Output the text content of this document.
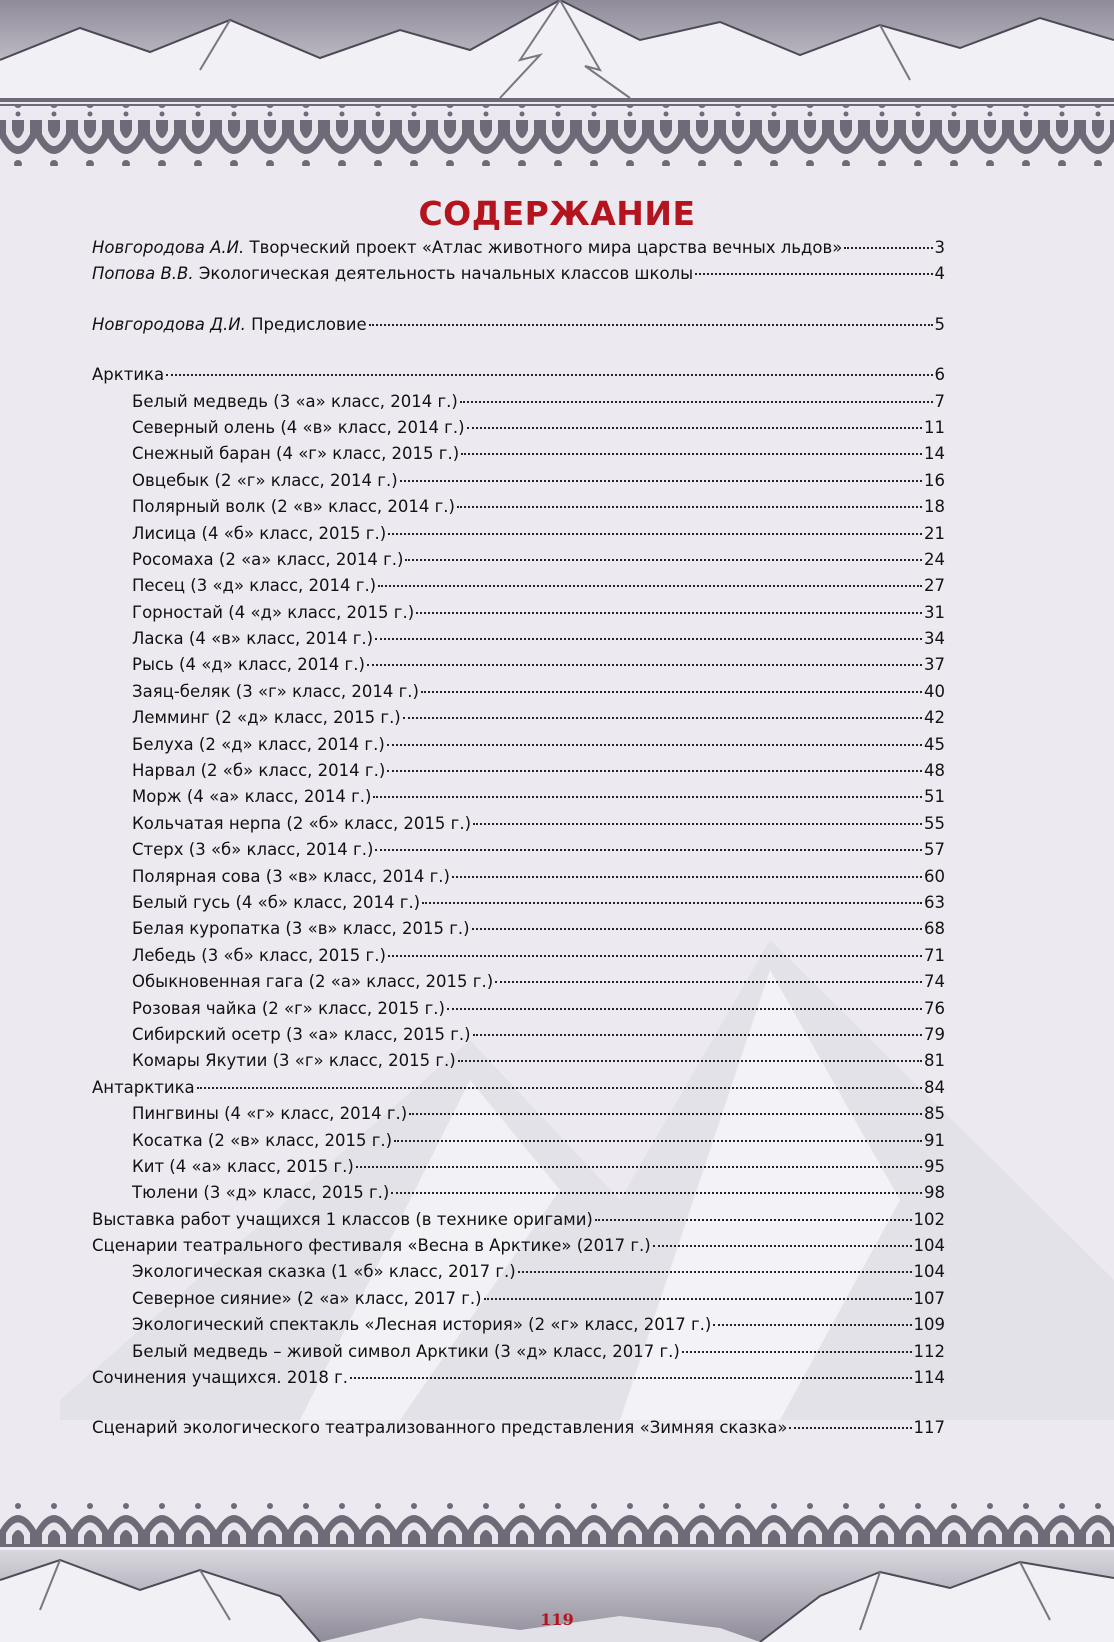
СОДЕРЖАНИЕ
Новгородова А.И. Творческий проект «Атлас животного мира царства вечных льдов»	3
Попова В.В. Экологическая деятельность начальных классов школы	4
Новгородова Д.И. Предисловие	5
Арктика	6
Белый медведь (3 «а» класс, 2014 г.)	7
Северный олень (4 «в» класс, 2014 г.)	11
Снежный баран (4 «г» класс, 2015 г.)	14
Овцебык (2 «г» класс, 2014 г.)	16
Полярный волк (2 «в» класс, 2014 г.)	18
Лисица (4 «б» класс, 2015 г.)	21
Росомаха (2 «а» класс, 2014 г.)	24
Песец (3 «д» класс, 2014 г.)	27
Горностай (4 «д» класс, 2015 г.)	31
Ласка (4 «в» класс, 2014 г.)	34
Рысь (4 «д» класс, 2014 г.)	37
Заяц-беляк (3 «г» класс, 2014 г.)	40
Лемминг (2 «д» класс, 2015 г.)	42
Белуха (2 «д» класс, 2014 г.)	45
Нарвал (2 «б» класс, 2014 г.)	48
Морж (4 «а» класс, 2014 г.)	51
Кольчатая нерпа (2 «б» класс, 2015 г.)	55
Стерх (3 «б» класс, 2014 г.)	57
Полярная сова (3 «в» класс, 2014 г.)	60
Белый гусь (4 «б» класс, 2014 г.)	63
Белая куропатка (3 «в» класс, 2015 г.)	68
Лебедь (3 «б» класс, 2015 г.)	71
Обыкновенная гага (2 «а» класс, 2015 г.)	74
Розовая чайка (2 «г» класс, 2015 г.)	76
Сибирский осетр (3 «а» класс, 2015 г.)	79
Комары Якутии (3 «г» класс, 2015 г.)	81
Антарктика	84
Пингвины (4 «г» класс, 2014 г.)	85
Косатка (2 «в» класс, 2015 г.)	91
Кит (4 «а» класс, 2015 г.)	95
Тюлени (3 «д» класс, 2015 г.)	98
Выставка работ учащихся 1 классов (в технике оригами)	102
Сценарии театрального фестиваля «Весна в Арктике» (2017 г.)	104
Экологическая сказка (1 «б» класс, 2017 г.)	104
Северное сияние» (2 «а» класс, 2017 г.)	107
Экологический спектакль «Лесная история» (2 «г» класс, 2017 г.)	109
Белый медведь – живой символ Арктики (3 «д» класс, 2017 г.)	112
Сочинения учащихся. 2018 г.	114
Сценарий экологического театрализованного представления «Зимняя сказка»	117
119
